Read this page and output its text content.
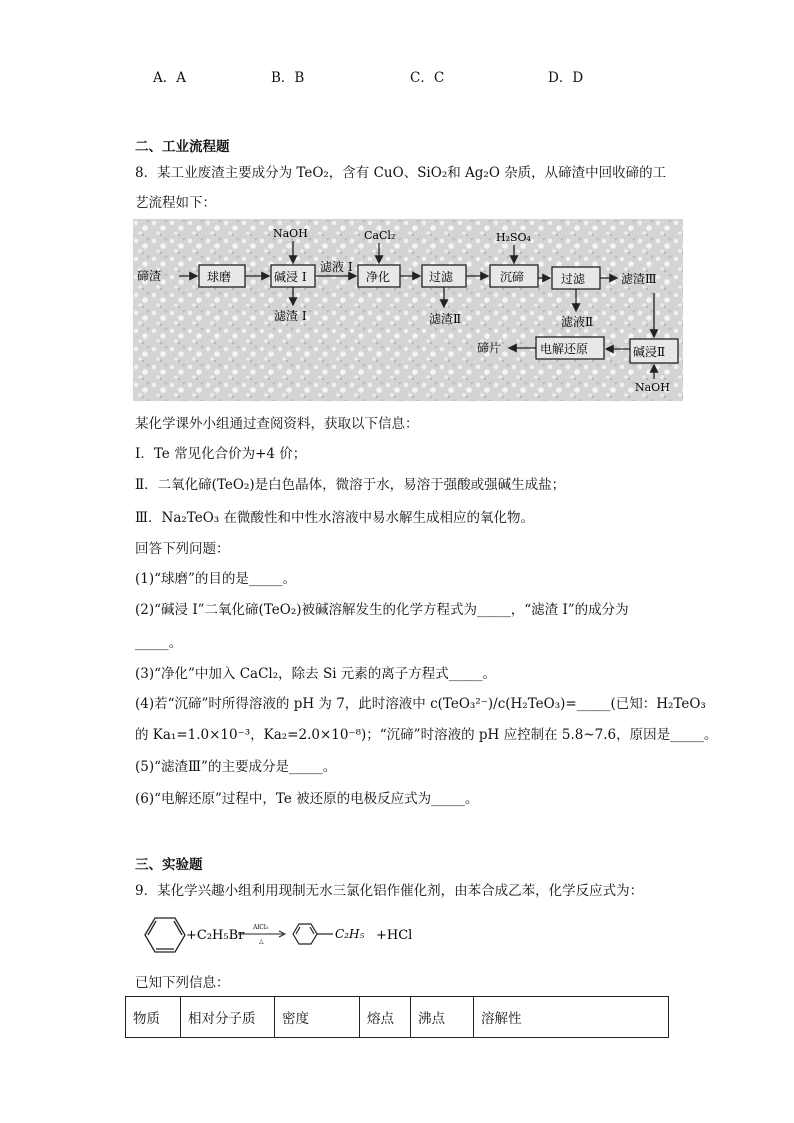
A．A	B．B	C．C	D．D
二、工业流程题
8．某工业废渣主要成分为 TeO₂，含有 CuO、SiO₂和 Ag₂O 杂质，从碲渣中回收碲的工
艺流程如下：
碲渣	球磨	碱浸 I
滤液 I
净化	过滤	沉碲	过滤	滤渣Ⅲ
滤渣 I	滤渣Ⅱ	滤液Ⅱ
碱浸Ⅱ
电解还原
碲片
NaOH	CaCl₂	H₂SO₄
NaOH
某化学课外小组通过查阅资料，获取以下信息：
I．Te 常见化合价为+4 价；
Ⅱ．二氧化碲(TeO₂)是白色晶体，微溶于水，易溶于强酸或强碱生成盐；
Ⅲ．Na₂TeO₃ 在微酸性和中性水溶液中易水解生成相应的氧化物。
回答下列问题：
(1)“球磨”的目的是_____。
(2)“碱浸 I”二氧化碲(TeO₂)被碱溶解发生的化学方程式为_____，“滤渣 I”的成分为
_____。
(3)“净化”中加入 CaCl₂，除去 Si 元素的离子方程式_____。
(4)若“沉碲”时所得溶液的 pH 为 7，此时溶液中 c(TeO₃²⁻)/c(H₂TeO₃)=_____(已知：H₂TeO₃
的 Ka₁=1.0×10⁻³，Ka₂=2.0×10⁻⁸)；“沉碲”时溶液的 pH 应控制在 5.8~7.6，原因是_____。
(5)“滤渣Ⅲ”的主要成分是_____。
(6)“电解还原”过程中，Te 被还原的电极反应式为_____。
三、实验题
9．某化学兴趣小组利用现制无水三氯化铝作催化剂，由苯合成乙苯，化学反应式为：
+C₂H₅Br
AlCl₃
△
C₂H₅ +HCl
已知下列信息：
物质	相对分子质	密度	熔点	沸点	溶解性
